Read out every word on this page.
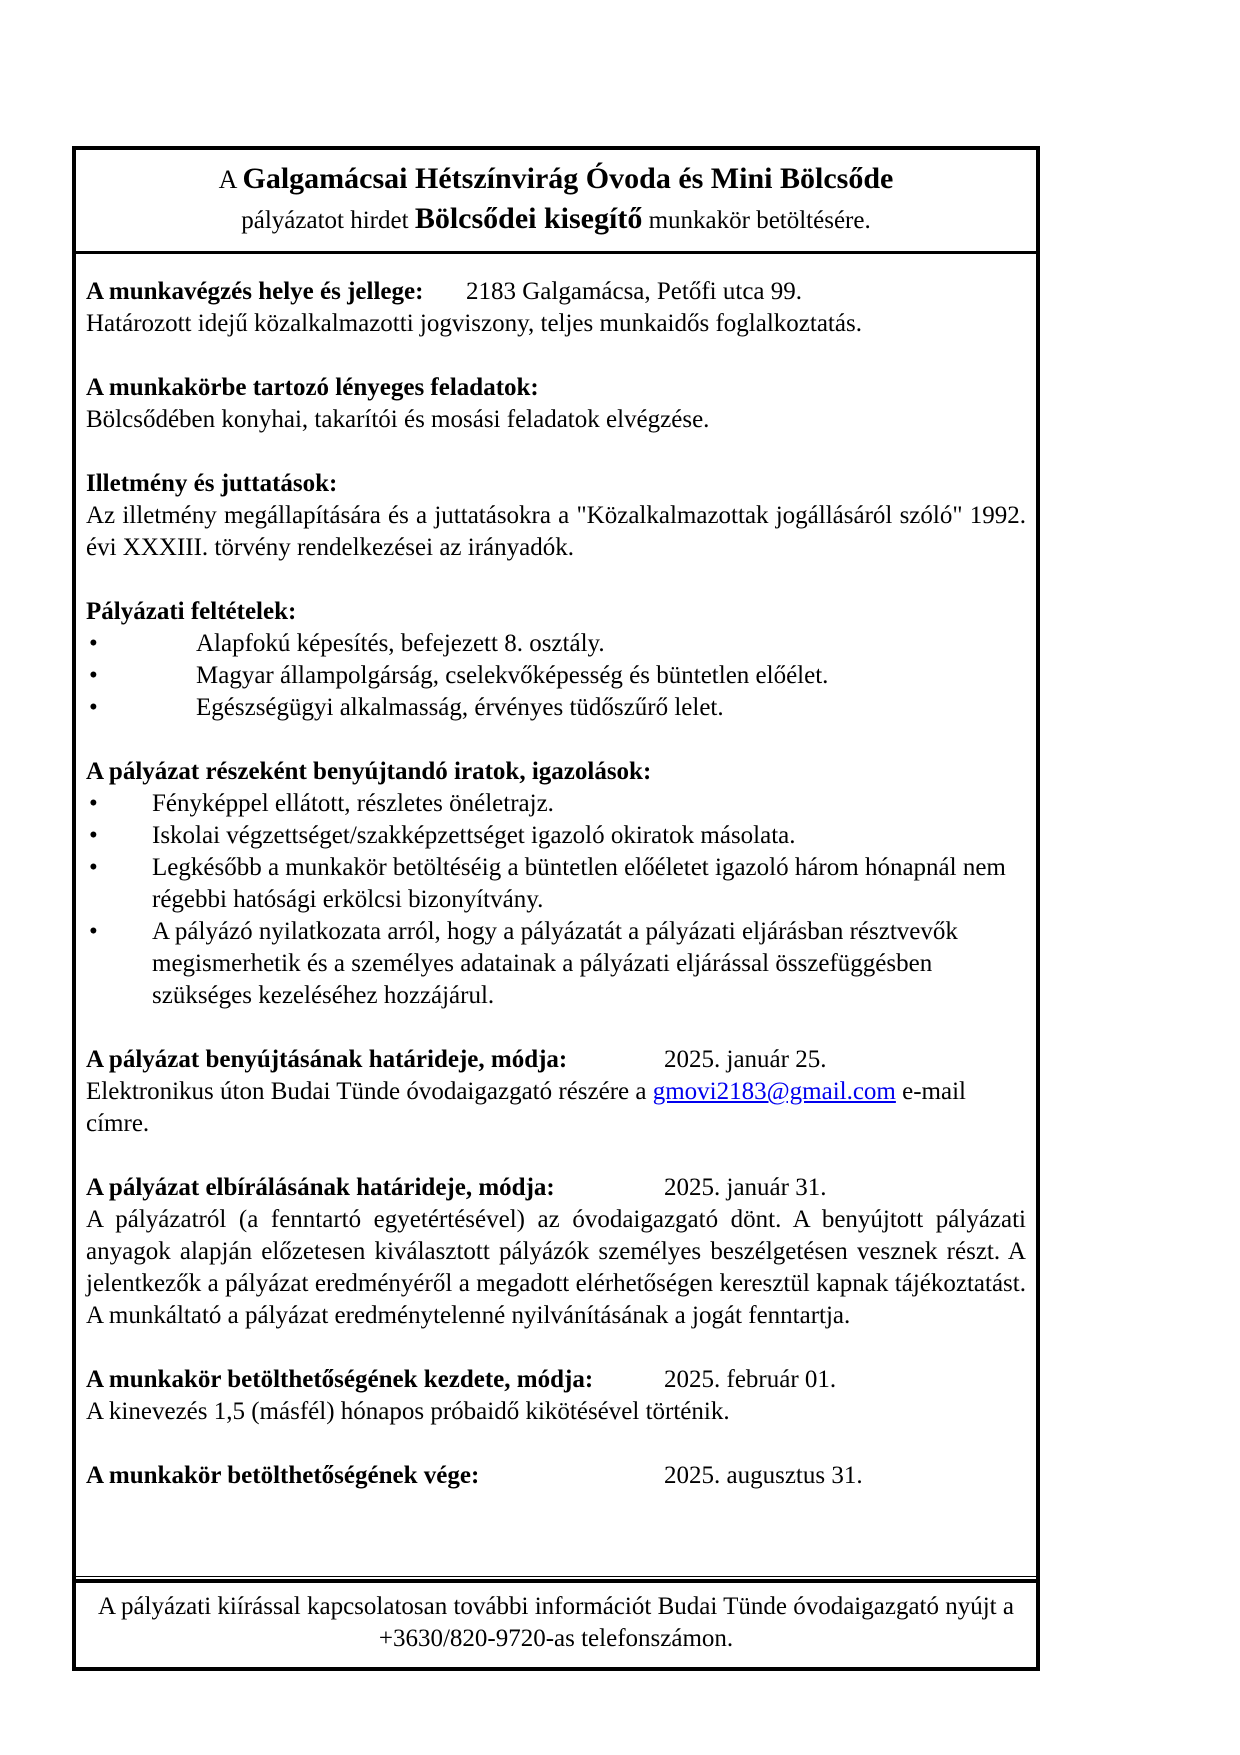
A Galgamácsai Hétszínvirág Óvoda és Mini Bölcsőde
pályázatot hirdet Bölcsődei kisegítő munkakör betöltésére.

A munkavégzés helye és jellege: 2183 Galgamácsa, Petőfi utca 99.

Határozott idejű közalkalmazotti jogviszony, teljes munkaidős foglalkoztatás.

A munkakörbe tartozó lényeges feladatok:

Bölcsődében konyhai, takarítói és mosási feladatok elvégzése.

Illetmény és juttatások:

Az illetmény megállapítására és a juttatásokra a "Közalkalmazottak jogállásáról szóló" 1992. évi XXXIII. törvény rendelkezései az irányadók.

Pályázati feltételek:

•	Alapfokú képesítés, befejezett 8. osztály.
•	Magyar állampolgárság, cselekvőképesség és büntetlen előélet.
•	Egészségügyi alkalmasság, érvényes tüdőszűrő lelet.

A pályázat részeként benyújtandó iratok, igazolások:

•	Fényképpel ellátott, részletes önéletrajz.
•	Iskolai végzettséget/szakképzettséget igazoló okiratok másolata.
•	Legkésőbb a munkakör betöltéséig a büntetlen előéletet igazoló három hónapnál nem régebbi hatósági erkölcsi bizonyítvány.
•	A pályázó nyilatkozata arról, hogy a pályázatát a pályázati eljárásban résztvevők megismerhetik és a személyes adatainak a pályázati eljárással összefüggésben szükséges kezeléséhez hozzájárul.

A pályázat benyújtásának határideje, módja:	2025. január 25.

Elektronikus úton Budai Tünde óvodaigazgató részére a gmovi2183@gmail.com e-mail címre.

A pályázat elbírálásának határideje, módja:	2025. január 31.

A pályázatról (a fenntartó egyetértésével) az óvodaigazgató dönt. A benyújtott pályázati anyagok alapján előzetesen kiválasztott pályázók személyes beszélgetésen vesznek részt. A jelentkezők a pályázat eredményéről a megadott elérhetőségen keresztül kapnak tájékoztatást. A munkáltató a pályázat eredménytelenné nyilvánításának a jogát fenntartja.

A munkakör betölthetőségének kezdete, módja:	2025. február 01.

A kinevezés 1,5 (másfél) hónapos próbaidő kikötésével történik.

A munkakör betölthetőségének vége:	2025. augusztus 31.

A pályázati kiírással kapcsolatosan további információt Budai Tünde óvodaigazgató nyújt a

+3630/820-9720-as telefonszámon.
